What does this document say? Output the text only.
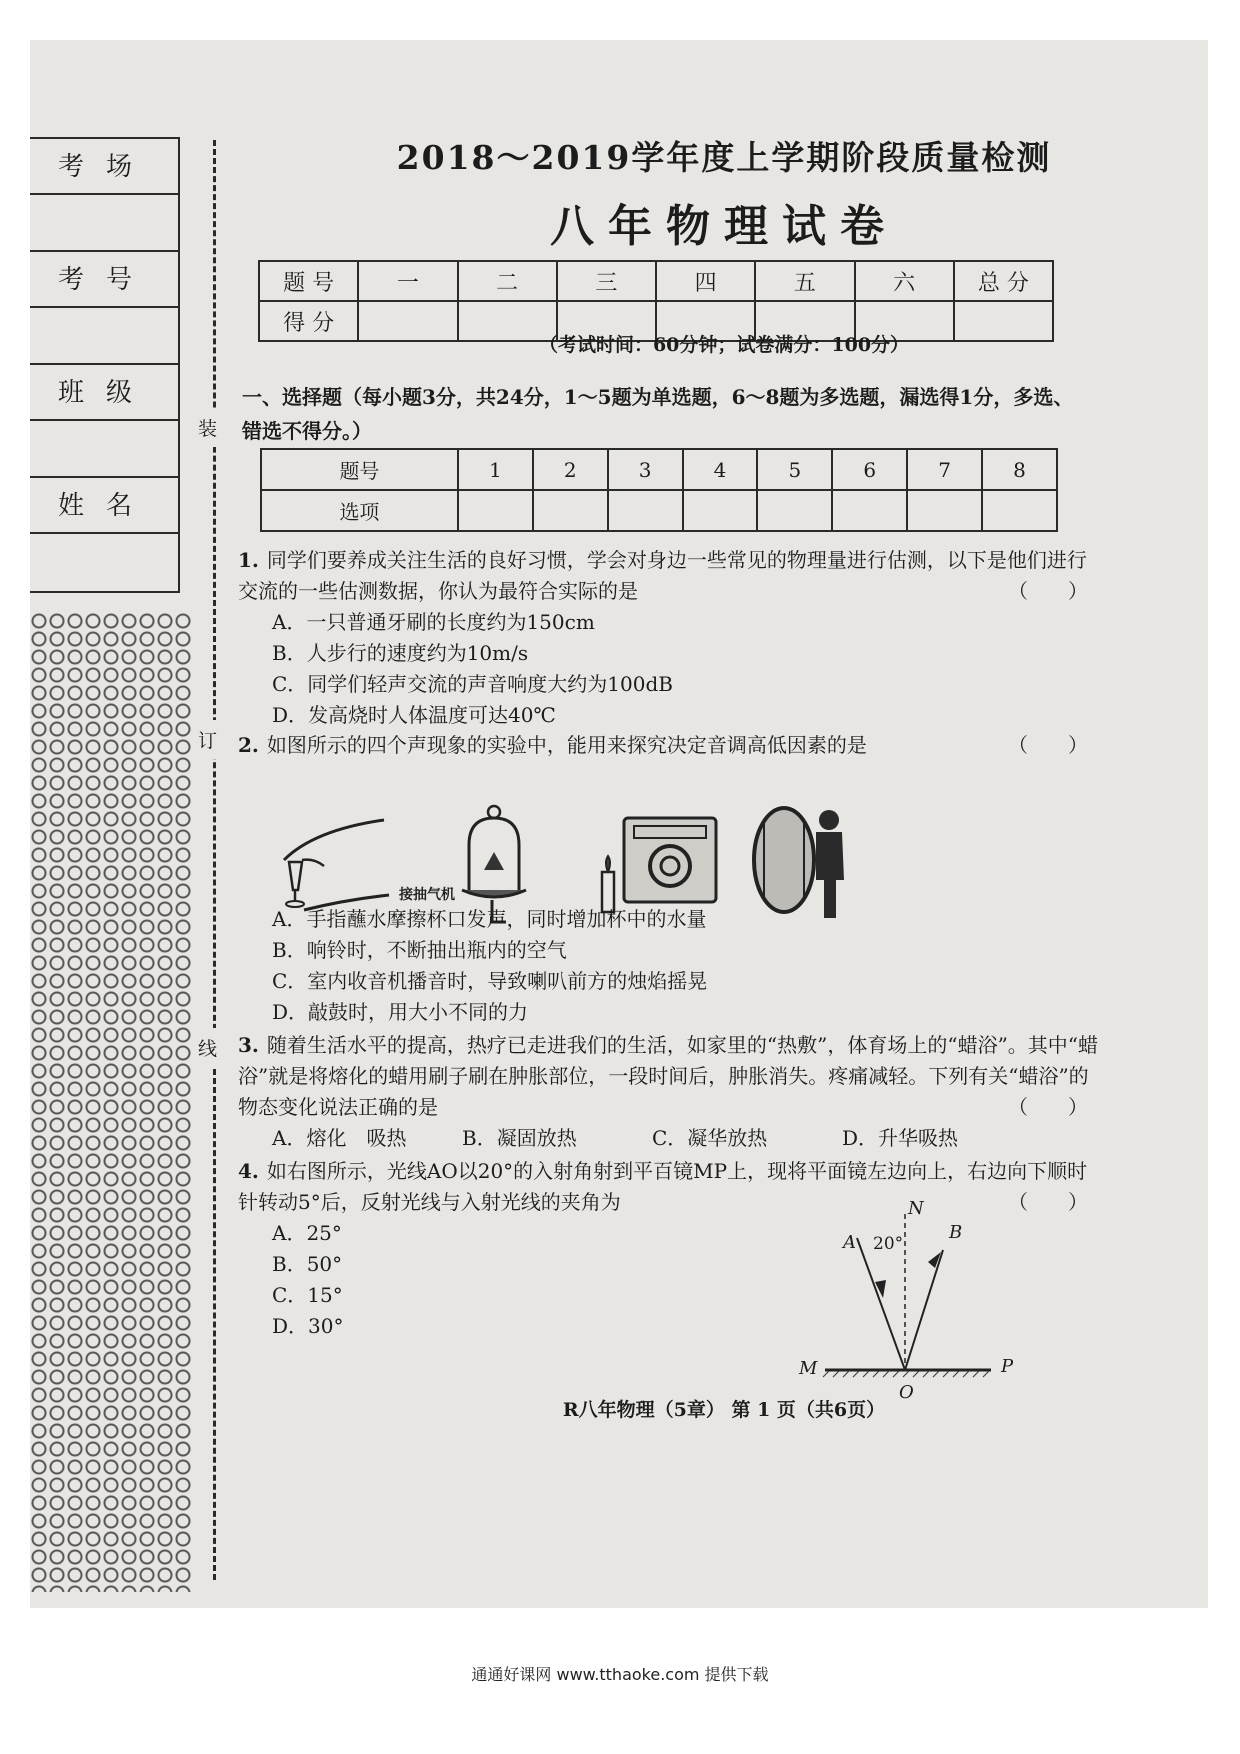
考场
考号
班级
姓名
装
订
线
2018～2019学年度上学期阶段质量检测
八年物理试卷
题 号	一	二	三	四	五	六	总 分
得 分							
（考试时间：60分钟；试卷满分：100分）
一、选择题（每小题3分，共24分，1～5题为单选题，6～8题为多选题，漏选得1分，多选、错选不得分。）
题号	1	2	3	4	5	6	7	8
选项								
1. 同学们要养成关注生活的良好习惯，学会对身边一些常见的物理量进行估测，以下是他们进行交流的一些估测数据，你认为最符合实际的是	（　　）
A．一只普通牙刷的长度约为150cm
B．人步行的速度约为10m/s
C．同学们轻声交流的声音响度大约为100dB
D．发高烧时人体温度可达40℃
2. 如图所示的四个声现象的实验中，能用来探究决定音调高低因素的是	（　　）
接抽气机
A．手指蘸水摩擦杯口发声，同时增加杯中的水量
B．响铃时，不断抽出瓶内的空气
C．室内收音机播音时，导致喇叭前方的烛焰摇晃
D．敲鼓时，用大小不同的力
3. 随着生活水平的提高，热疗已走进我们的生活，如家里的“热敷”，体育场上的“蜡浴”。其中“蜡浴”就是将熔化的蜡用刷子刷在肿胀部位，一段时间后，肿胀消失。疼痛减轻。下列有关“蜡浴”的物态变化说法正确的是	（　　）
A．熔化　吸热	B．凝固放热	C．凝华放热	D．升华吸热
4. 如右图所示，光线AO以20°的入射角射到平百镜MP上，现将平面镜左边向上，右边向下顺时针转动5°后，反射光线与入射光线的夹角为	（　　）
A．25°
B．50°
C．15°
D．30°
N
A 20°
B
M	P
O
R八年物理（5章） 第 1 页（共6页）
通通好课网 www.tthaoke.com 提供下载
